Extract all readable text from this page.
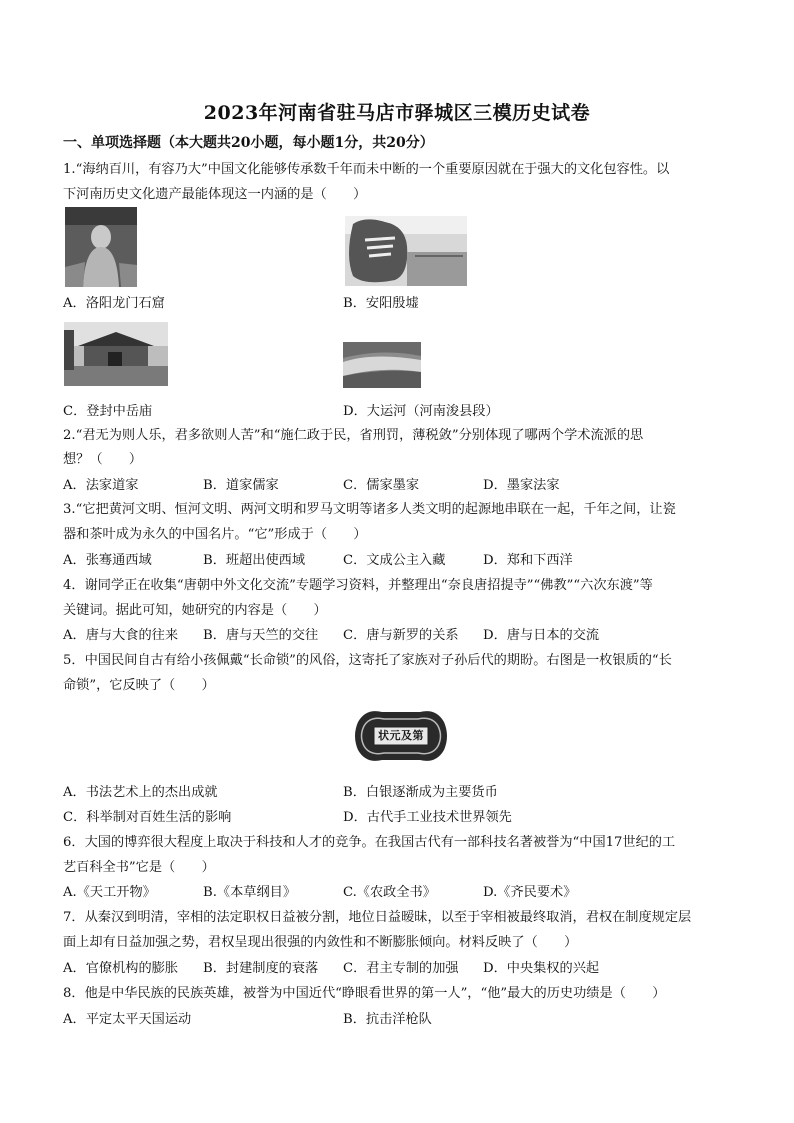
2023年河南省驻马店市驿城区三模历史试卷
一、单项选择题（本大题共20小题，每小题1分，共20分）
1.“海纳百川，有容乃大”中国文化能够传承数千年而未中断的一个重要原因就在于强大的文化包容性。以
下河南历史文化遗产最能体现这一内涵的是（　　）
A．洛阳龙门石窟	B．安阳殷墟
C．登封中岳庙	D．大运河（河南浚县段）
2.“君无为则人乐，君多欲则人苦”和“施仁政于民，省刑罚，薄税敛”分别体现了哪两个学术流派的思
想？（　　）
A．法家道家	B．道家儒家	C．儒家墨家	D．墨家法家
3.“它把黄河文明、恒河文明、两河文明和罗马文明等诸多人类文明的起源地串联在一起，千年之间，让瓷
器和茶叶成为永久的中国名片。“它”形成于（　　）
A．张骞通西域	B．班超出使西域	C．文成公主入藏	D．郑和下西洋
4．谢同学正在收集“唐朝中外文化交流”专题学习资料，并整理出“奈良唐招提寺”“佛教”“六次东渡”等
关键词。据此可知，她研究的内容是（　　）
A．唐与大食的往来 B．唐与天竺的交往 C．唐与新罗的关系 D．唐与日本的交流
5．中国民间自古有给小孩佩戴“长命锁”的风俗，这寄托了家族对子孙后代的期盼。右图是一枚银质的“长
命锁”，它反映了（　　）
状元及第
A．书法艺术上的杰出成就	B．白银逐渐成为主要货币
C．科举制对百姓生活的影响	D．古代手工业技术世界领先
6．大国的博弈很大程度上取决于科技和人才的竞争。在我国古代有一部科技名著被誉为“中国17世纪的工
艺百科全书”它是（　　）
A.《天工开物》	B.《本草纲目》	C.《农政全书》	D.《齐民要术》
7．从秦汉到明清，宰相的法定职权日益被分割，地位日益暧昧，以至于宰相被最终取消，君权在制度规定层
面上却有日益加强之势，君权呈现出很强的内敛性和不断膨胀倾向。材料反映了（　　）
A．官僚机构的膨胀 B．封建制度的衰落 C．君主专制的加强 D．中央集权的兴起
8．他是中华民族的民族英雄，被誉为中国近代“睁眼看世界的第一人”，“他”最大的历史功绩是（　　）
A．平定太平天国运动	B．抗击洋枪队
